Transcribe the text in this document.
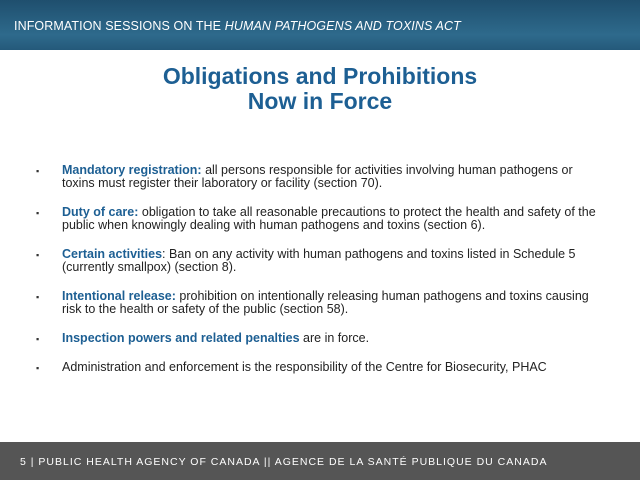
INFORMATION SESSIONS ON THE HUMAN PATHOGENS AND TOXINS ACT
Obligations and Prohibitions
Now in Force
▪ Mandatory registration: all persons responsible for activities involving human pathogens or toxins must register their laboratory or facility (section 70).
▪ Duty of care: obligation to take all reasonable precautions to protect the health and safety of the public when knowingly dealing with human pathogens and toxins (section 6).
▪ Certain activities: Ban on any activity with human pathogens and toxins listed in Schedule 5 (currently smallpox) (section 8).
▪ Intentional release: prohibition on intentionally releasing human pathogens and toxins causing risk to the health or safety of the public (section 58).
▪ Inspection powers and related penalties are in force.
▪ Administration and enforcement is the responsibility of the Centre for Biosecurity, PHAC
5 | PUBLIC HEALTH AGENCY OF CANADA || AGENCE DE LA SANTÉ PUBLIQUE DU CANADA
